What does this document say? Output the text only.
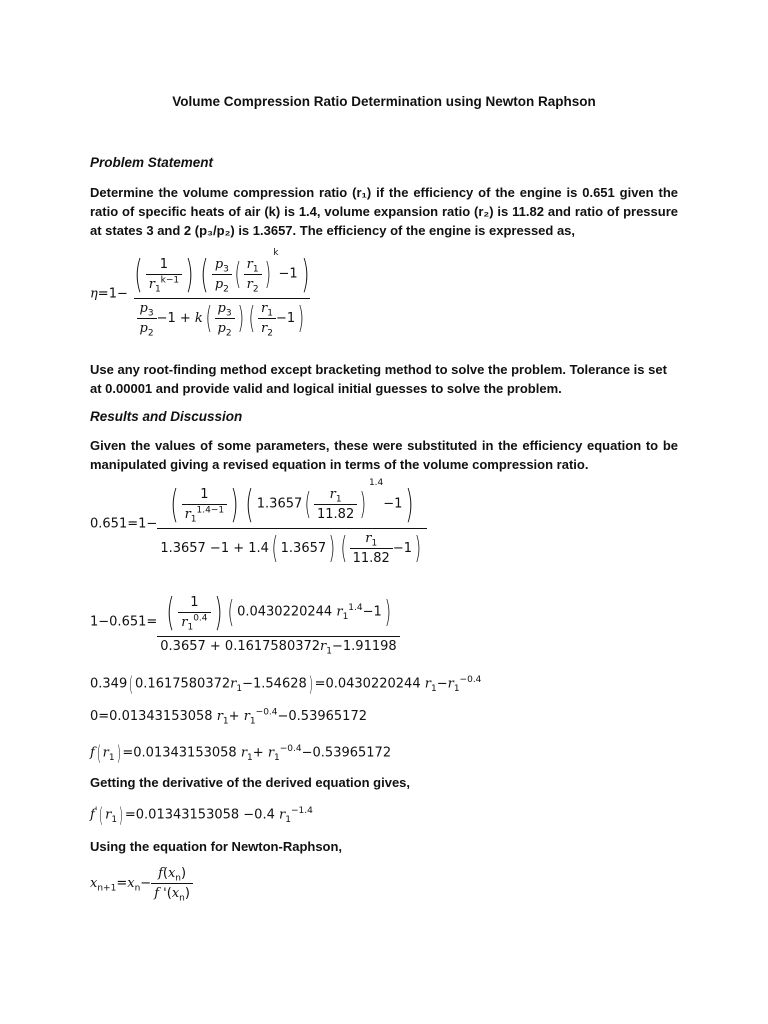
Volume Compression Ratio Determination using Newton Raphson
Problem Statement
Determine the volume compression ratio (r₁) if the efficiency of the engine is 0.651 given the ratio of specific heats of air (k) is 1.4, volume expansion ratio (r₂) is 11.82 and ratio of pressure at states 3 and 2 (p₃/p₂) is 1.3657. The efficiency of the engine is expressed as,
$\eta=1- \frac{( \frac{1}{r_1^{k-1}} ) ( \frac{p_3}{p_2} ( \frac{r_1}{r_2} )^k-1)}{\frac{p_3}{p_2} -1 + k( \frac{p_3}{p_2} ) ( \frac{r_1}{r_2} -1)}$
Use any root-finding method except bracketing method to solve the problem. Tolerance is set at 0.00001 and provide valid and logical initial guesses to solve the problem.
Results and Discussion
Given the values of some parameters, these were substituted in the efficiency equation to be manipulated giving a revised equation in terms of the volume compression ratio.
$0.651=1- \frac{( \frac{1}{r_1^{1.4-1}} ) ( 1.3657( \frac{r_1}{11.82} )^{1.4}-1)}{1.3657 -1 + 1.4( 1.3657) ( \frac{r_1}{11.82} -1)}$
$1-0.651= \frac{( \frac{1}{r_1^{0.4}} ) ( 0.0430220244 r_1^{1.4}-1)}{0.3657 + 0.1617580372r_1-1.91198}$
0.349( $0.1617580372r_1-1.54628) =0.0430220244$ $r_1-r_1^{-0.4}$
0=0.01343153058 $r_1+ r_1^{-0.4}-0.53965172$
f( $r_1) =0.01343153058$ $r_1+ r_1^{-0.4}-0.53965172$
Getting the derivative of the derived equation gives,
f'( $r_1) =0.01343153058 -0.4$ $r_1^{-1.4}$
Using the equation for Newton-Raphson,
$x_{n+1}=x_n- \frac{f(x_n)}{f '(x_n)}$
